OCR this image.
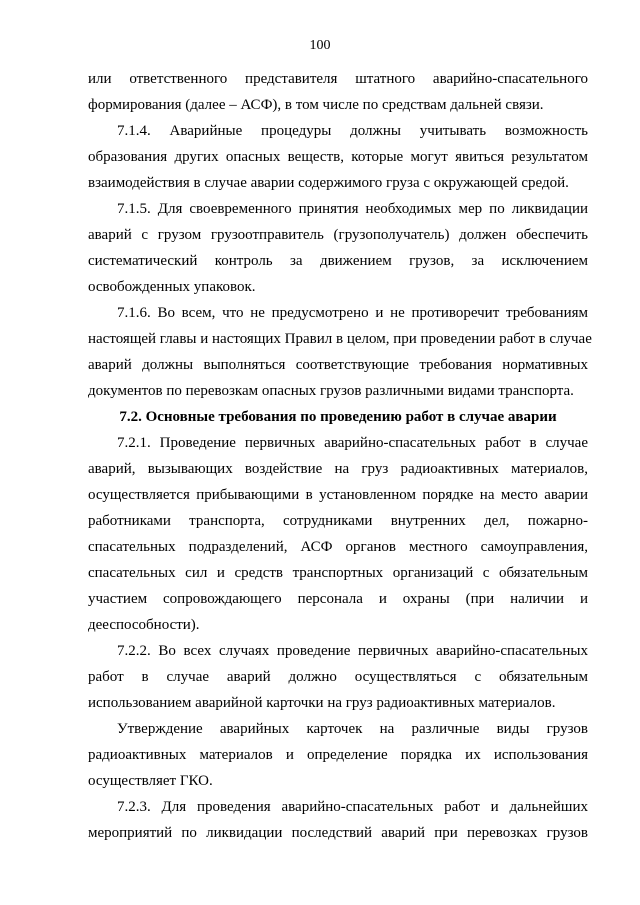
100
или ответственного представителя штатного аварийно-спасательного
формирования (далее – АСФ), в том числе по средствам дальней связи.
7.1.4. Аварийные процедуры должны учитывать возможность
образования других опасных веществ, которые могут явиться результатом
взаимодействия в случае аварии содержимого груза с окружающей средой.
7.1.5. Для своевременного принятия необходимых мер по ликвидации
аварий с грузом грузоотправитель (грузополучатель) должен обеспечить
систематический контроль за движением грузов, за исключением
освобожденных упаковок.
7.1.6. Во всем, что не предусмотрено и не противоречит требованиям
настоящей главы и настоящих Правил в целом, при проведении работ в случае
аварий должны выполняться соответствующие требования нормативных
документов по перевозкам опасных грузов различными видами транспорта.
7.2. Основные требования по проведению работ в случае аварии
7.2.1. Проведение первичных аварийно-спасательных работ в случае
аварий, вызывающих воздействие на груз радиоактивных материалов,
осуществляется прибывающими в установленном порядке на место аварии
работниками транспорта, сотрудниками внутренних дел, пожарно-
спасательных подразделений, АСФ органов местного самоуправления,
спасательных сил и средств транспортных организаций с обязательным
участием сопровождающего персонала и охраны (при наличии и
дееспособности).
7.2.2. Во всех случаях проведение первичных аварийно-спасательных
работ в случае аварий должно осуществляться с обязательным
использованием аварийной карточки на груз радиоактивных материалов.
Утверждение аварийных карточек на различные виды грузов
радиоактивных материалов и определение порядка их использования
осуществляет ГКО.
7.2.3. Для проведения аварийно-спасательных работ и дальнейших
мероприятий по ликвидации последствий аварий при перевозках грузов
